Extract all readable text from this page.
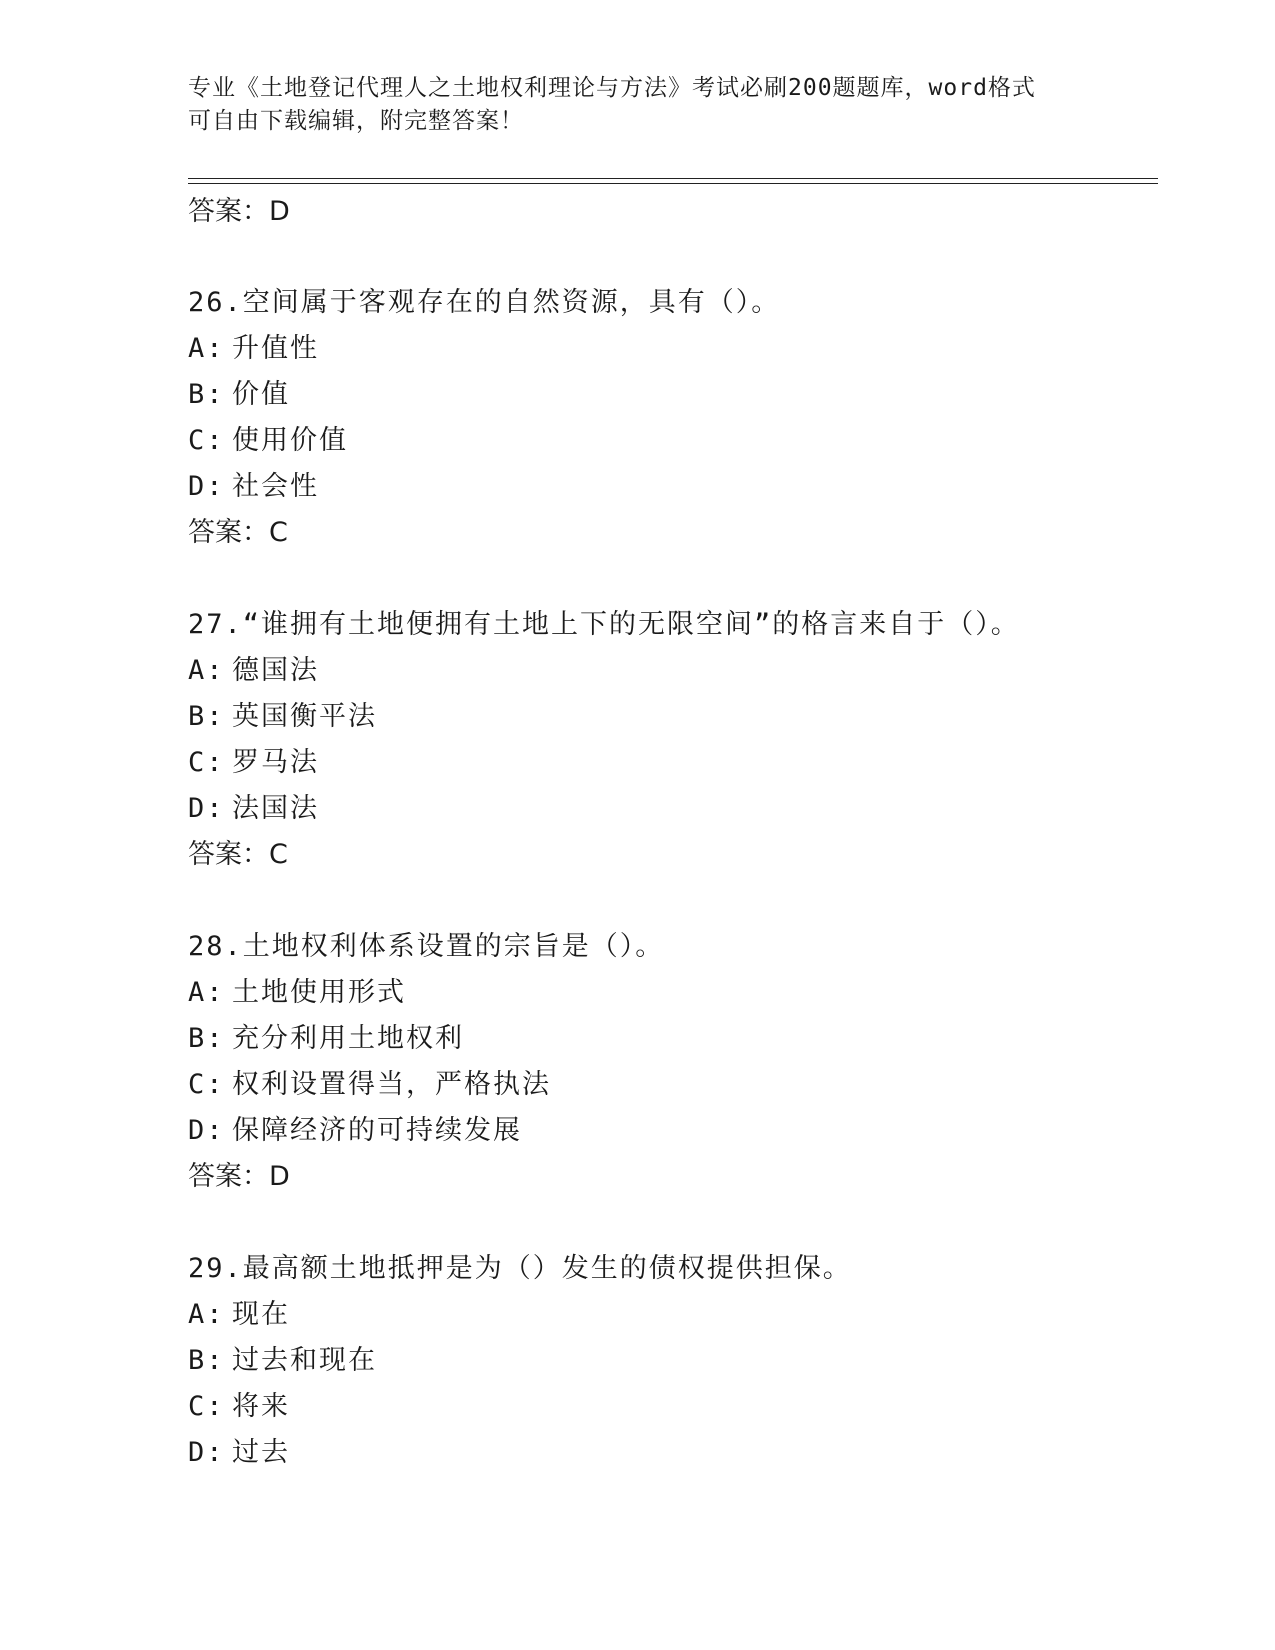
专业《土地登记代理人之土地权利理论与方法》考试必刷200题题库，word格式
可自由下载编辑，附完整答案！
答案：D
26.空间属于客观存在的自然资源，具有（）。
A: 升值性
B: 价值
C: 使用价值
D: 社会性
答案：C
27.“谁拥有土地便拥有土地上下的无限空间”的格言来自于（）。
A: 德国法
B: 英国衡平法
C: 罗马法
D: 法国法
答案：C
28.土地权利体系设置的宗旨是（）。
A: 土地使用形式
B: 充分利用土地权利
C: 权利设置得当，严格执法
D: 保障经济的可持续发展
答案：D
29.最高额土地抵押是为（）发生的债权提供担保。
A: 现在
B: 过去和现在
C: 将来
D: 过去
